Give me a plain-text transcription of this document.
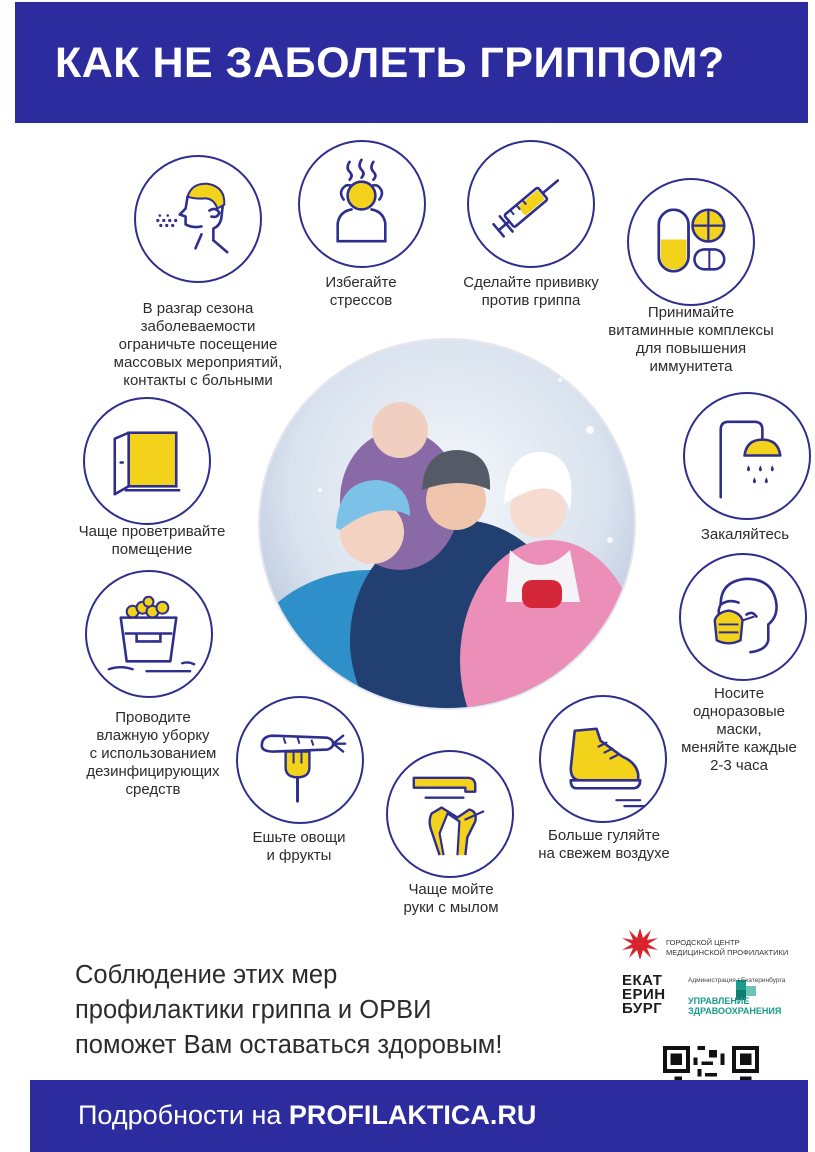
КАК НЕ ЗАБОЛЕТЬ ГРИППОМ?
В разгар сезона
заболеваемости
ограничьте посещение
массовых мероприятий,
контакты с больными
Избегайте
стрессов
Сделайте прививку
против гриппа
Принимайте
витаминные комплексы
для повышения
иммунитета
Чаще проветривайте
помещение
Закаляйтесь
Проводите
влажную уборку
с использованием
дезинфицирующих
средств
Носите
одноразовые
маски,
меняйте каждые
2-3 часа
Ешьте овощи
и фрукты
Больше гуляйте
на свежем воздухе
Чаще мойте
руки с мылом
Соблюдение этих мер
профилактики гриппа и ОРВИ
поможет Вам оставаться здоровым!
ГОРОДСКОЙ ЦЕНТР
МЕДИЦИНСКОЙ ПРОФИЛАКТИКИ
ЕКАТ
ЕРИН
БУРГ
Администрация г.Екатеринбурга
УПРАВЛЕНИЕ
ЗДРАВООХРАНЕНИЯ
Подробности на PROFILAKTICA.RU
